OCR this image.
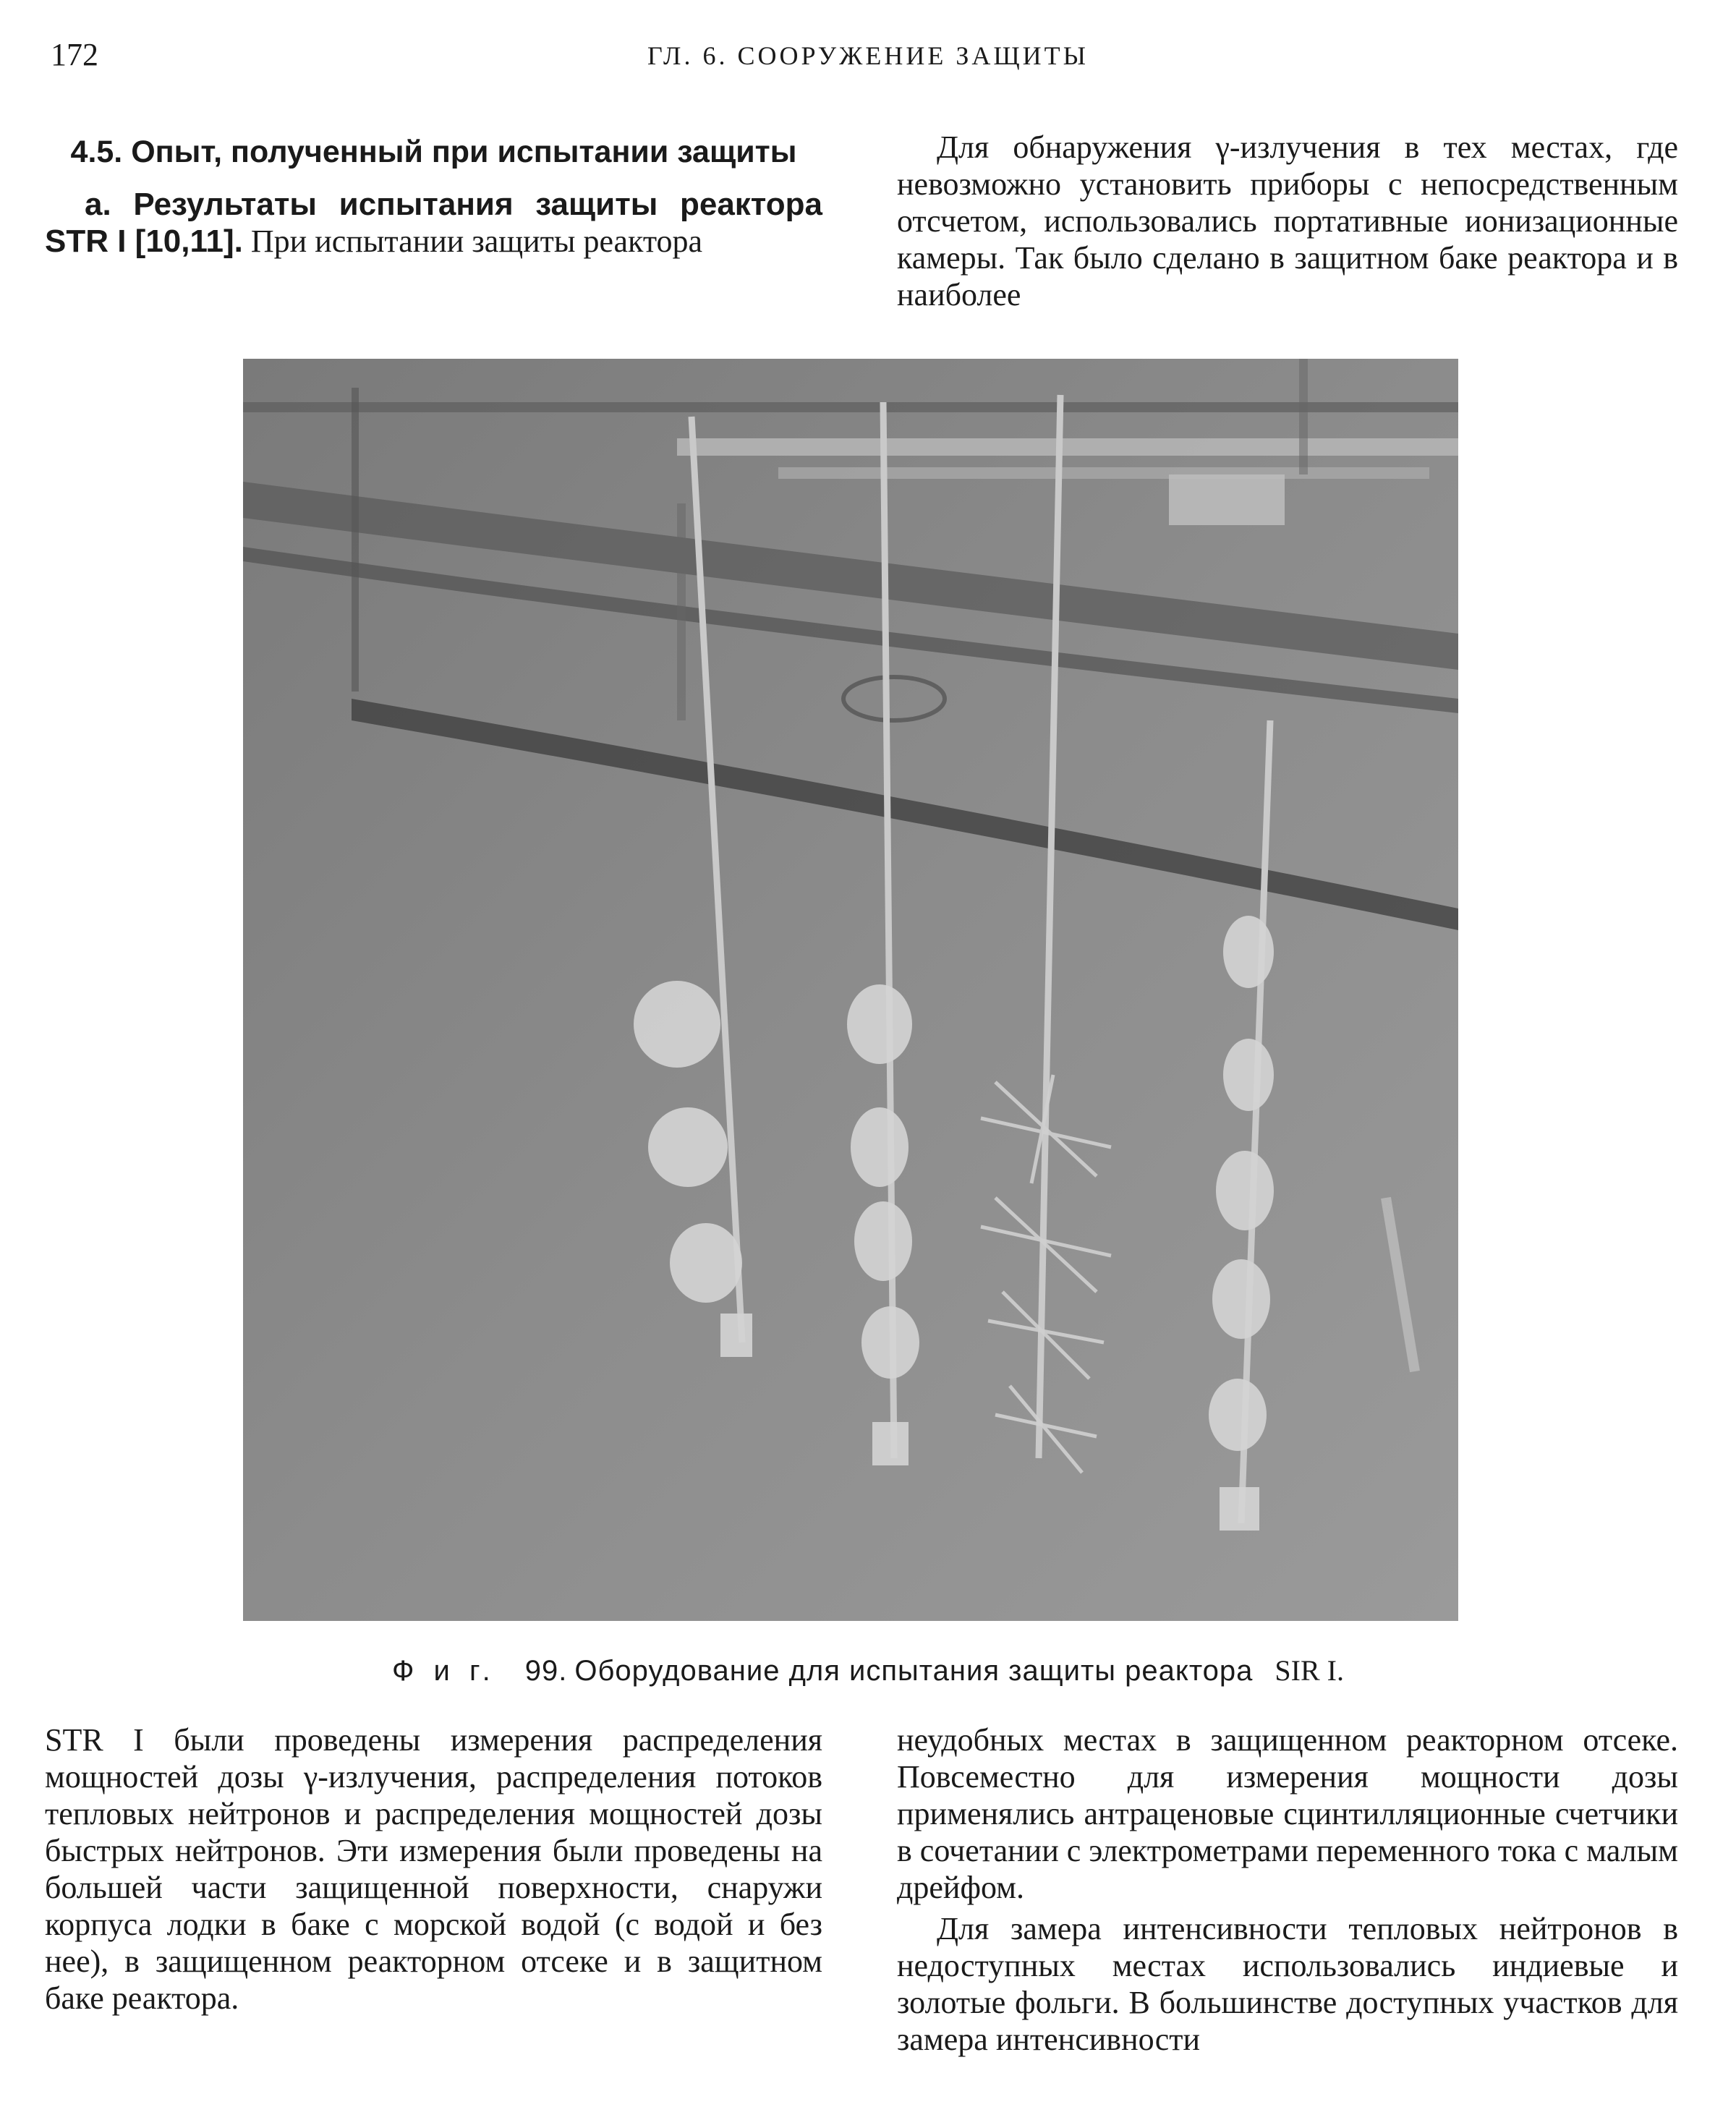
172	ГЛ. 6. СООРУЖЕНИЕ ЗАЩИТЫ
4.5. Опыт, полученный при испытании защиты

а. Результаты испытания защиты реактора STR I [10,11]. При испытании защиты реактора

Для обнаружения γ-излучения в тех местах, где невозможно установить приборы с непосредственным отсчетом, использовались портативные ионизационные камеры. Так было сделано в защитном баке реактора и в наиболее

Ф и г. 99. Оборудование для испытания защиты реактора SIR I.

STR I были проведены измерения распределения мощностей дозы γ-излучения, распределения потоков тепловых нейтронов и распределения мощностей дозы быстрых нейтронов. Эти измерения были проведены на большей части защищенной поверхности, снаружи корпуса лодки в баке с морской водой (с водой и без нее), в защищенном реакторном отсеке и в защитном баке реактора.

неудобных местах в защищенном реакторном отсеке. Повсеместно для измерения мощности дозы применялись антраценовые сцинтилляционные счетчики в сочетании с электрометрами переменного тока с малым дрейфом.

Для замера интенсивности тепловых нейтронов в недоступных местах использовались индиевые и золотые фольги. В большинстве доступных участков для замера интенсивности
